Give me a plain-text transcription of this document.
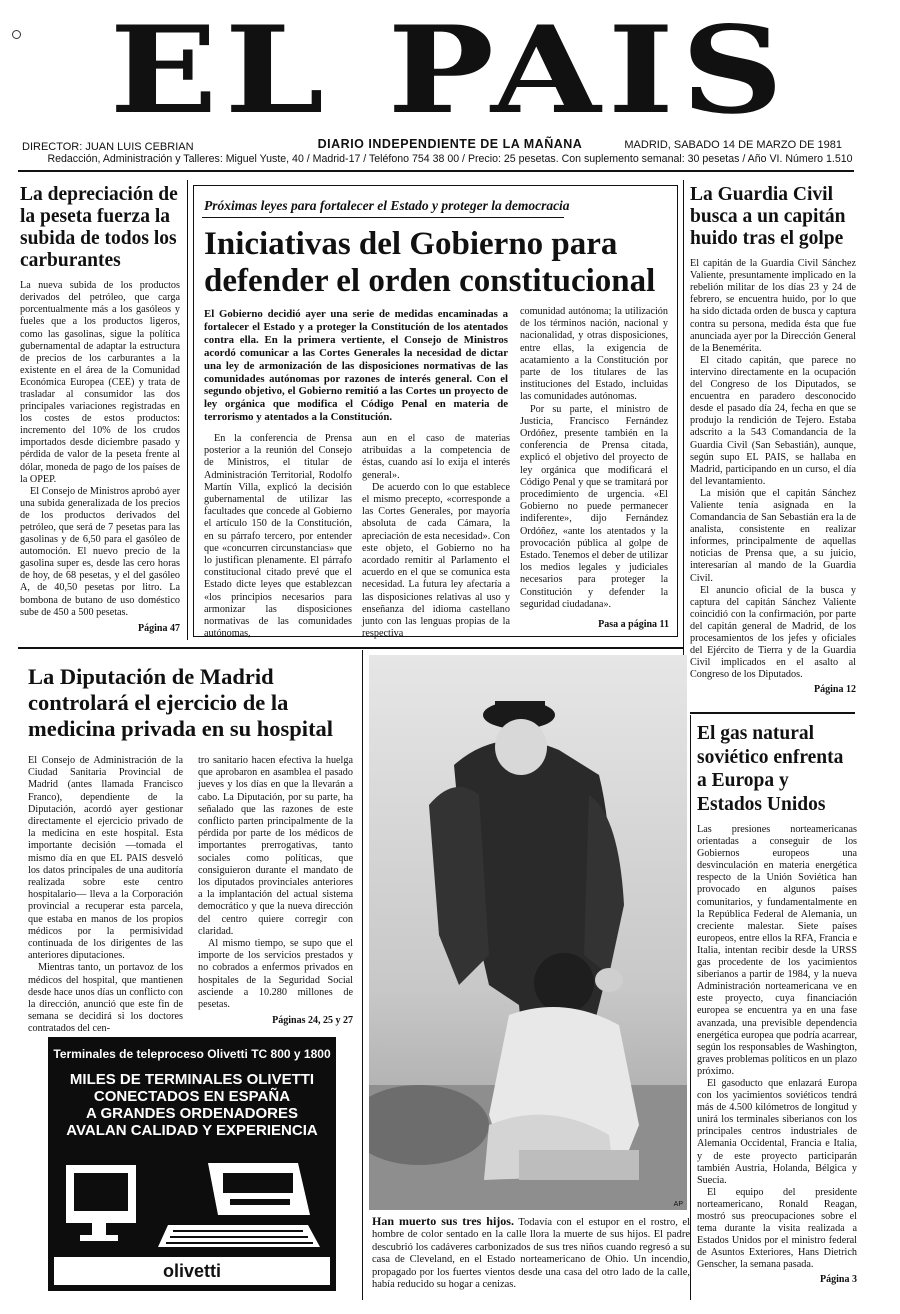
EL PAIS
DIRECTOR: JUAN LUIS CEBRIAN	DIARIO INDEPENDIENTE DE LA MAÑANA	MADRID, SABADO 14 DE MARZO DE 1981
Redacción, Administración y Talleres: Miguel Yuste, 40 / Madrid-17 / Teléfono 754 38 00 / Precio: 25 pesetas. Con suplemento semanal: 30 pesetas / Año VI. Número 1.510
La depreciación de la peseta fuerza la subida de todos los carburantes

La nueva subida de los productos derivados del petróleo, que carga porcentualmente más a los gasóleos y fueles que a los productos ligeros, como las gasolinas, sigue la política gubernamental de adaptar la estructura de precios de los carburantes a la existente en el área de la Comunidad Económica Europea (CEE) y trata de trasladar al consumidor las dos principales variaciones registradas en los costes de estos productos: incremento del 10% de los crudos importados desde diciembre pasado y pérdida de valor de la peseta frente al dólar, moneda de pago de los países de la OPEP.

El Consejo de Ministros aprobó ayer una subida generalizada de los precios de los productos derivados del petróleo, que será de 7 pesetas para las gasolinas y de 6,50 para el gasóleo de automoción. El nuevo precio de la gasolina super es, desde las cero horas de hoy, de 68 pesetas, y el del gasóleo A, de 40,50 pesetas por litro. La bombona de butano de uso doméstico sube de 450 a 500 pesetas.

Página 47
Próximas leyes para fortalecer el Estado y proteger la democracia
Iniciativas del Gobierno para defender el orden constitucional
El Gobierno decidió ayer una serie de medidas encaminadas a fortalecer el Estado y a proteger la Constitución de los atentados contra ella. En la primera vertiente, el Consejo de Ministros acordó comunicar a las Cortes Generales la necesidad de dictar una ley de armonización de las disposiciones normativas de las comunidades autónomas por razones de interés general. Con el segundo objetivo, el Gobierno remitió a las Cortes un proyecto de ley orgánica que modifica el Código Penal en materia de terrorismo y atentados a la Constitución.

En la conferencia de Prensa posterior a la reunión del Consejo de Ministros, el titular de Administración Territorial, Rodolfo Martín Villa, explicó la decisión gubernamental de utilizar las facultades que concede al Gobierno el artículo 150 de la Constitución, en su párrafo tercero, por entender que «concurren circunstancias» que lo justifican plenamente. El párrafo constitucional citado prevé que el Estado dicte leyes que establezcan «los principios necesarios para armonizar las disposiciones normativas de las comunidades autónomas,

aun en el caso de materias atribuidas a la competencia de éstas, cuando así lo exija el interés general».

De acuerdo con lo que establece el mismo precepto, «corresponde a las Cortes Generales, por mayoría absoluta de cada Cámara, la apreciación de esta necesidad». Con este objeto, el Gobierno no ha acordado remitir al Parlamento el acuerdo en el que se comunica esta necesidad. La futura ley afectaría a las disposiciones relativas al uso y enseñanza del idioma castellano junto con las lenguas propias de la respectiva

comunidad autónoma; la utilización de los términos nación, nacional y nacionalidad, y otras disposiciones, entre ellas, la exigencia de acatamiento a la Constitución por parte de los titulares de las instituciones del Estado, incluidas las comunidades autónomas.

Por su parte, el ministro de Justicia, Francisco Fernández Ordóñez, presente también en la conferencia de Prensa citada, explicó el objetivo del proyecto de ley orgánica que modificará el Código Penal y que se tramitará por procedimiento de urgencia. «El Gobierno no puede permanecer indiferente», dijo Fernández Ordóñez, «ante los atentados y la provocación pública al golpe de Estado. Tenemos el deber de utilizar los medios legales y judiciales necesarios para proteger la Constitución y defender la seguridad ciudadana».

Pasa a página 11
La Guardia Civil busca a un capitán huido tras el golpe

El capitán de la Guardia Civil Sánchez Valiente, presuntamente implicado en la rebelión militar de los días 23 y 24 de febrero, se encuentra huido, por lo que ha sido dictada orden de busca y captura contra su persona, medida ésta que fue anunciada ayer por la Dirección General de la Benemérita.

El citado capitán, que parece no intervino directamente en la ocupación del Congreso de los Diputados, se encuentra en paradero desconocido desde el pasado día 24, fecha en que se produjo la rendición de Tejero. Estaba adscrito a la 543 Comandancia de la Guardia Civil (San Sebastián), aunque, según supo EL PAIS, se hallaba en Madrid, participando en un curso, el día del levantamiento.

La misión que el capitán Sánchez Valiente tenía asignada en la Comandancia de San Sebastián era la de analista, consistente en realizar informes, principalmente de aquellas noticias de Prensa que, a su juicio, interesarían al mando de la Guardia Civil.

El anuncio oficial de la busca y captura del capitán Sánchez Valiente coincidió con la confirmación, por parte del capitán general de Madrid, de los procesamientos de los jefes y oficiales del Ejército de Tierra y de la Guardia Civil implicados en el asalto al Congreso de los Diputados.

Página 12
La Diputación de Madrid controlará el ejercicio de la medicina privada en su hospital

El Consejo de Administración de la Ciudad Sanitaria Provincial de Madrid (antes llamada Francisco Franco), dependiente de la Diputación, acordó ayer gestionar directamente el ejercicio privado de la medicina en este hospital. Esta importante decisión —tomada el mismo día en que EL PAIS desveló los datos principales de una auditoría realizada sobre este centro hospitalario— lleva a la Corporación provincial a recuperar esta parcela, que estaba en manos de los propios médicos por la permisividad continuada de los dirigentes de las anteriores diputaciones.

Mientras tanto, un portavoz de los médicos del hospital, que mantienen desde hace unos días un conflicto con la dirección, anunció que este fin de semana se decidirá si los doctores contratados del cen-

tro sanitario hacen efectiva la huelga que aprobaron en asamblea el pasado jueves y los días en que la llevarán a cabo. La Diputación, por su parte, ha señalado que las razones de este conflicto parten principalmente de la pérdida por parte de los médicos de importantes prerrogativas, tanto sociales como políticas, que consiguieron durante el mandato de los diputados provinciales anteriores a la implantación del actual sistema democrático y que la nueva dirección del centro quiere corregir con claridad.

Al mismo tiempo, se supo que el importe de los servicios prestados y no cobrados a enfermos privados en hospitales de la Seguridad Social asciende a 10.280 millones de pesetas.

Páginas 24, 25 y 27
Terminales de teleproceso Olivetti TC 800 y 1800
MILES DE TERMINALES OLIVETTI
CONECTADOS EN ESPAÑA
A GRANDES ORDENADORES
AVALAN CALIDAD Y EXPERIENCIA
olivetti
AP
Han muerto sus tres hijos. Todavía con el estupor en el rostro, el hombre de color sentado en la calle llora la muerte de sus hijos. El padre descubrió los cadáveres carbonizados de sus tres niños cuando regresó a su casa de Cleveland, en el Estado norteamericano de Ohio. Un incendio, propagado por los fuertes vientos desde una casa del otro lado de la calle, había reducido su hogar a cenizas.
El gas natural soviético enfrenta a Europa y Estados Unidos

Las presiones norteamericanas orientadas a conseguir de los Gobiernos europeos una desvinculación en materia energética respecto de la Unión Soviética han provocado en algunos países comunitarios, y fundamentalmente en la República Federal de Alemania, un creciente malestar. Siete países europeos, entre ellos la RFA, Francia e Italia, intentan recibir desde la URSS gas procedente de los yacimientos siberianos a partir de 1984, y la nueva Administración norteamericana ve en este proyecto, cuya financiación europea se encuentra ya en una fase avanzada, una previsible dependencia energética europea que podría acarrear, según los responsables de Washington, graves problemas políticos en un plazo próximo.

El gasoducto que enlazará Europa con los yacimientos soviéticos tendrá más de 4.500 kilómetros de longitud y unirá los terminales siberianos con los principales centros industriales de Alemania Occidental, Francia e Italia, y de este proyecto participarán también Austria, Holanda, Bélgica y Suecia.

El equipo del presidente norteamericano, Ronald Reagan, mostró sus preocupaciones sobre el tema durante la visita realizada a Estados Unidos por el ministro federal de Asuntos Exteriores, Hans Dietrich Genscher, la semana pasada.

Página 3
